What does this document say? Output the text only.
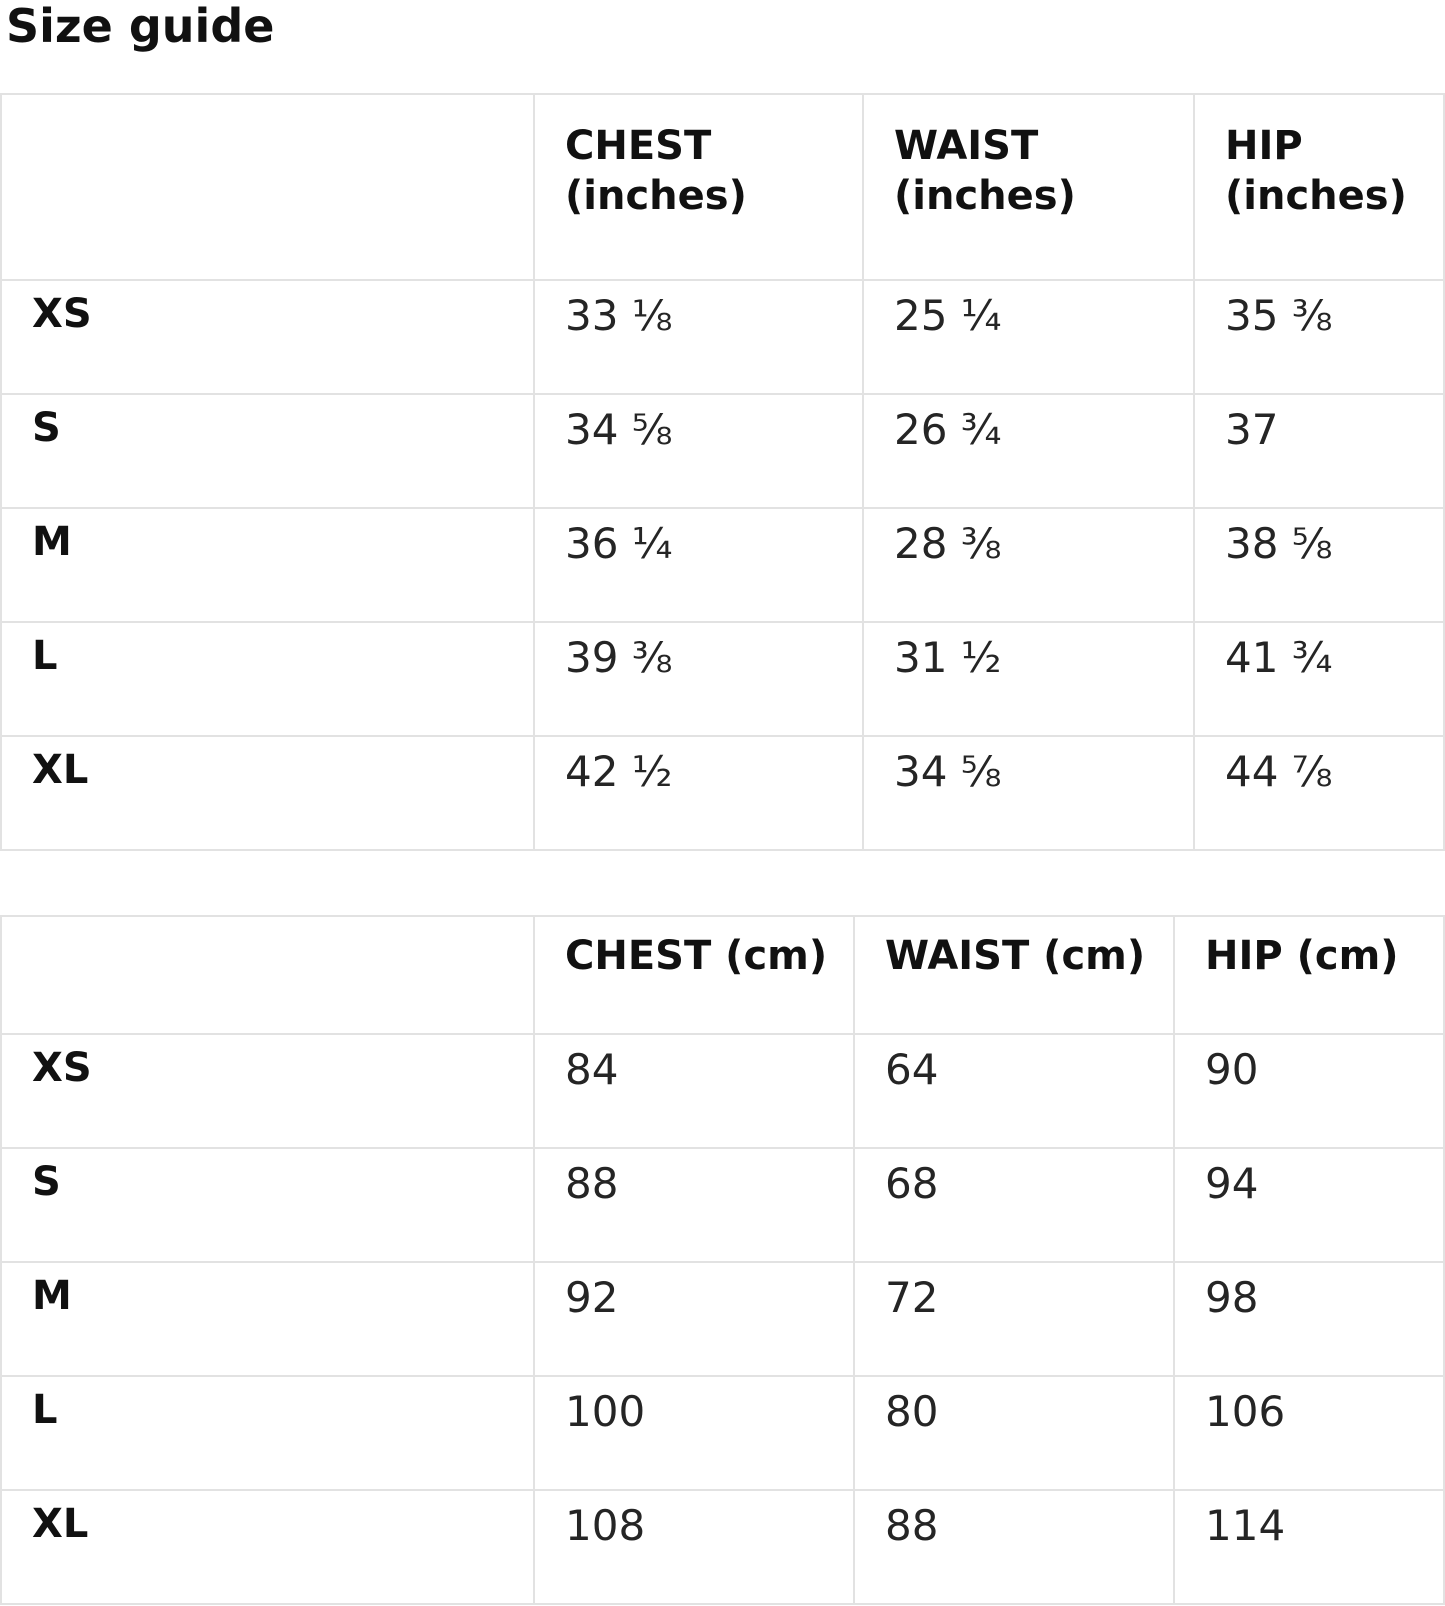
Size guide
	CHEST (inches)	WAIST (inches)	HIP (inches)
XS	33 ⅛	25 ¼	35 ⅜
S	34 ⅝	26 ¾	37
M	36 ¼	28 ⅜	38 ⅝
L	39 ⅜	31 ½	41 ¾
XL	42 ½	34 ⅝	44 ⅞
	CHEST (cm)	WAIST (cm)	HIP (cm)
XS	84	64	90
S	88	68	94
M	92	72	98
L	100	80	106
XL	108	88	114
